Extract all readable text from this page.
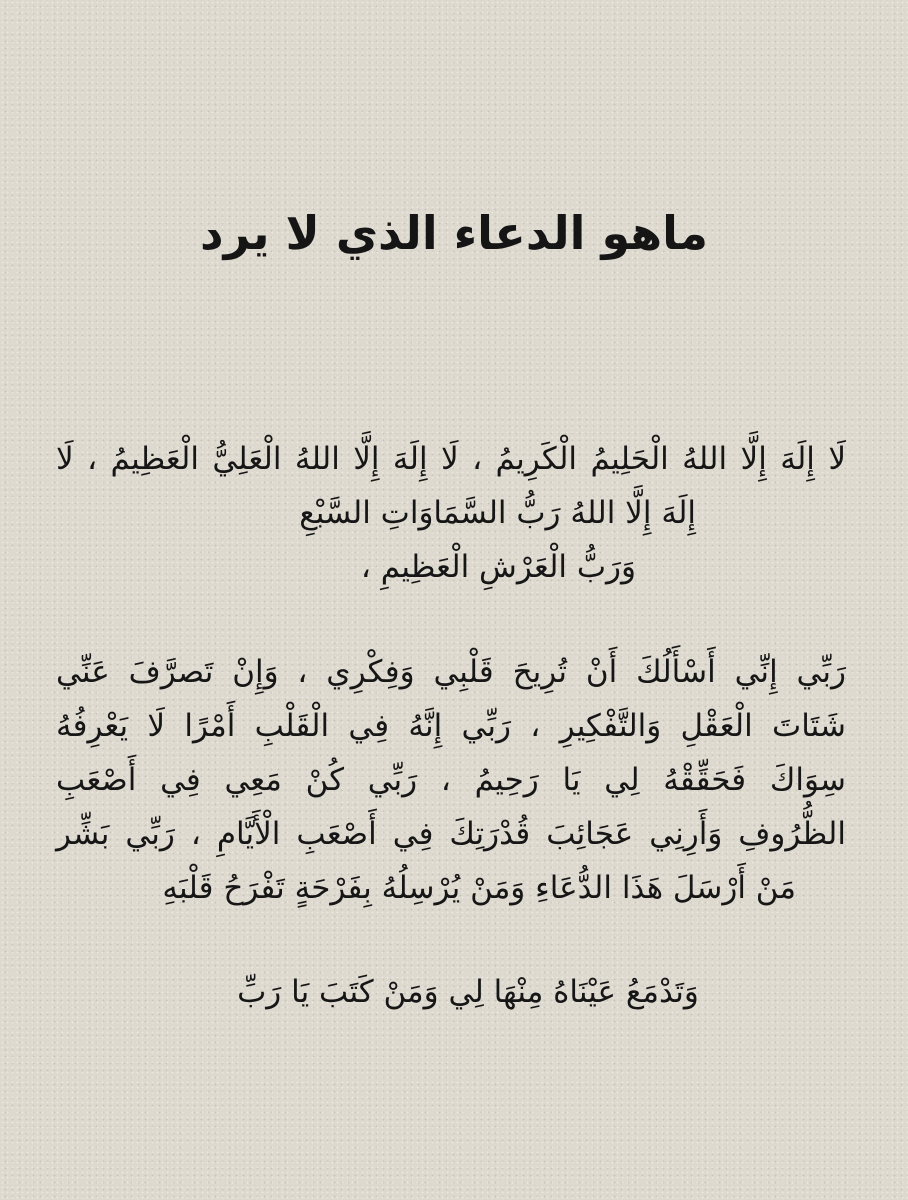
ماهو الدعاء الذي لا يرد

لَا إِلَهَ إِلَّا اللهُ الْحَلِيمُ الْكَرِيمُ ، لَا إِلَهَ إِلَّا اللهُ الْعَلِيُّ الْعَظِيمُ ، لَا
إِلَهَ إِلَّا اللهُ رَبُّ السَّمَاوَاتِ السَّبْعِ
وَرَبُّ الْعَرْشِ الْعَظِيمِ ،

رَبِّي إِنِّي أَسْأَلُكَ أَنْ تُرِيحَ قَلْبِي وَفِكْرِي ، وَإِنْ تَصرَّفَ عَنِّي
شَتَاتَ الْعَقْلِ وَالتَّفْكِيرِ ، رَبِّي إِنَّهُ فِي الْقَلْبِ أَمْرًا لَا يَعْرِفُهُ
سِوَاكَ فَحَقِّقْهُ لِي يَا رَحِيمُ ، رَبِّي كُنْ مَعِي فِي أَصْعَبِ
الظُّرُوفِ وَأَرِنِي عَجَائِبَ قُدْرَتِكَ فِي أَصْعَبِ الْأَيَّامِ ، رَبِّي بَشِّر
مَنْ أَرْسَلَ هَذَا الدُّعَاءِ وَمَنْ يُرْسِلُهُ بِفَرْحَةٍ تَفْرَحُ قَلْبَهِ

وَتَدْمَعُ عَيْنَاهُ مِنْهَا لِي وَمَنْ كَتَبَ يَا رَبِّ
